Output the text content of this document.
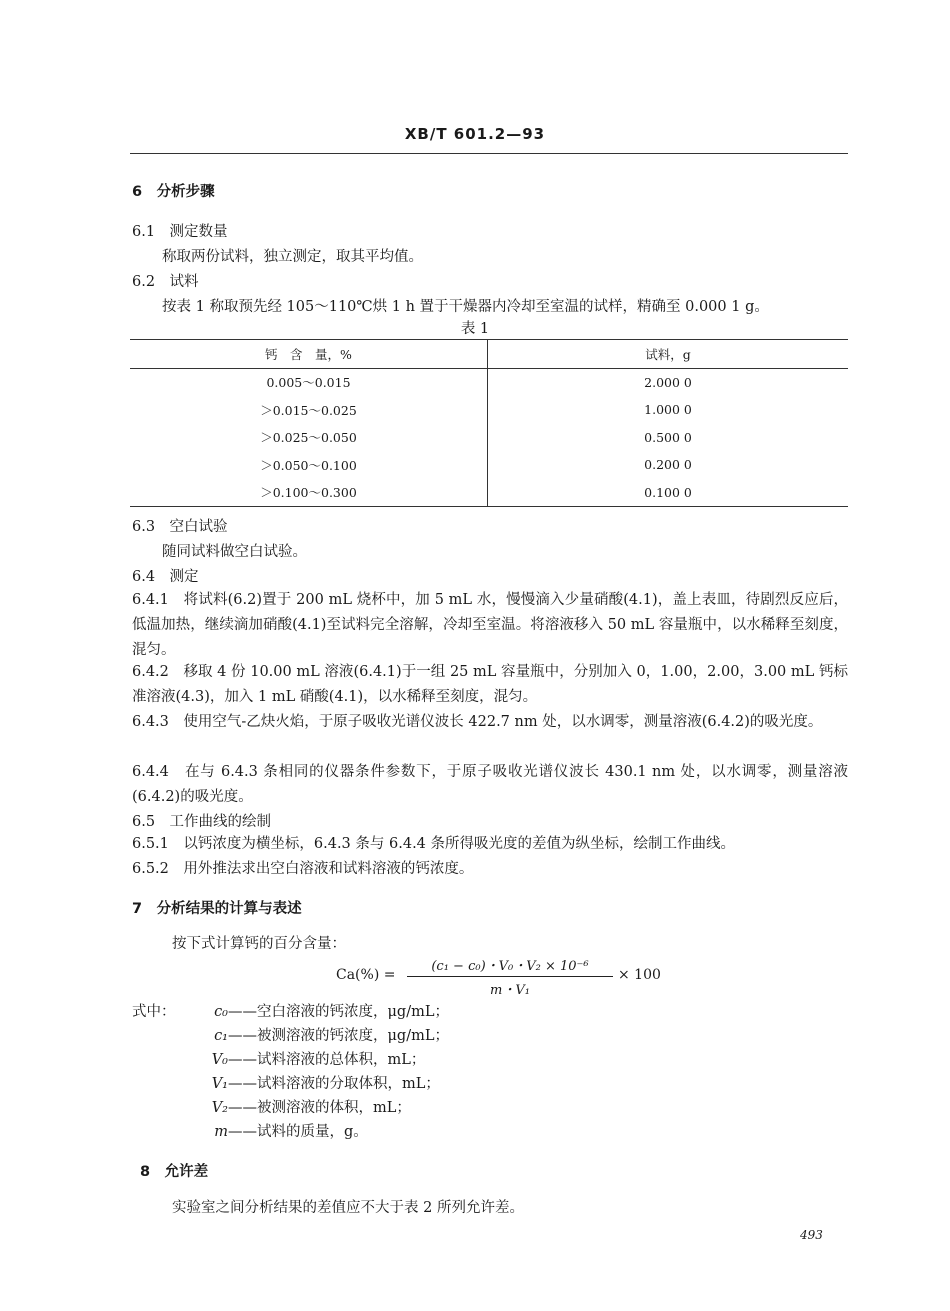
XB/T 601.2—93
6　分析步骤
6.1　测定数量
称取两份试料，独立测定，取其平均值。
6.2　试料
按表 1 称取预先经 105～110℃烘 1 h 置于干燥器内冷却至室温的试样，精确至 0.000 1 g。
表 1
钙　含　量，%	试料，g
0.005～0.015	2.000 0
＞0.015～0.025	1.000 0
＞0.025～0.050	0.500 0
＞0.050～0.100	0.200 0
＞0.100～0.300	0.100 0
6.3　空白试验
随同试料做空白试验。
6.4　测定
6.4.1　将试料(6.2)置于 200 mL 烧杯中，加 5 mL 水，慢慢滴入少量硝酸(4.1)，盖上表皿，待剧烈反应后，低温加热，继续滴加硝酸(4.1)至试料完全溶解，冷却至室温。将溶液移入 50 mL 容量瓶中，以水稀释至刻度，混匀。
6.4.2　移取 4 份 10.00 mL 溶液(6.4.1)于一组 25 mL 容量瓶中，分别加入 0，1.00，2.00，3.00 mL 钙标准溶液(4.3)，加入 1 mL 硝酸(4.1)，以水稀释至刻度，混匀。
6.4.3　使用空气-乙炔火焰，于原子吸收光谱仪波长 422.7 nm 处，以水调零，测量溶液(6.4.2)的吸光度。
6.4.4　在与 6.4.3 条相同的仪器条件参数下，于原子吸收光谱仪波长 430.1 nm 处，以水调零，测量溶液(6.4.2)的吸光度。
6.5　工作曲线的绘制
6.5.1　以钙浓度为横坐标，6.4.3 条与 6.4.4 条所得吸光度的差值为纵坐标，绘制工作曲线。
6.5.2　用外推法求出空白溶液和试料溶液的钙浓度。
7　分析结果的计算与表述
按下式计算钙的百分含量：
Ca(%) =
(c₁ − c₀)・V₀・V₂ × 10⁻⁶
m・V₁
× 100
式中：	c₀——空白溶液的钙浓度，μg/mL；
c₁——被测溶液的钙浓度，μg/mL；
V₀——试料溶液的总体积，mL；
V₁——试料溶液的分取体积，mL；
V₂——被测溶液的体积，mL；
m——试料的质量，g。
8　允许差
实验室之间分析结果的差值应不大于表 2 所列允许差。
493
